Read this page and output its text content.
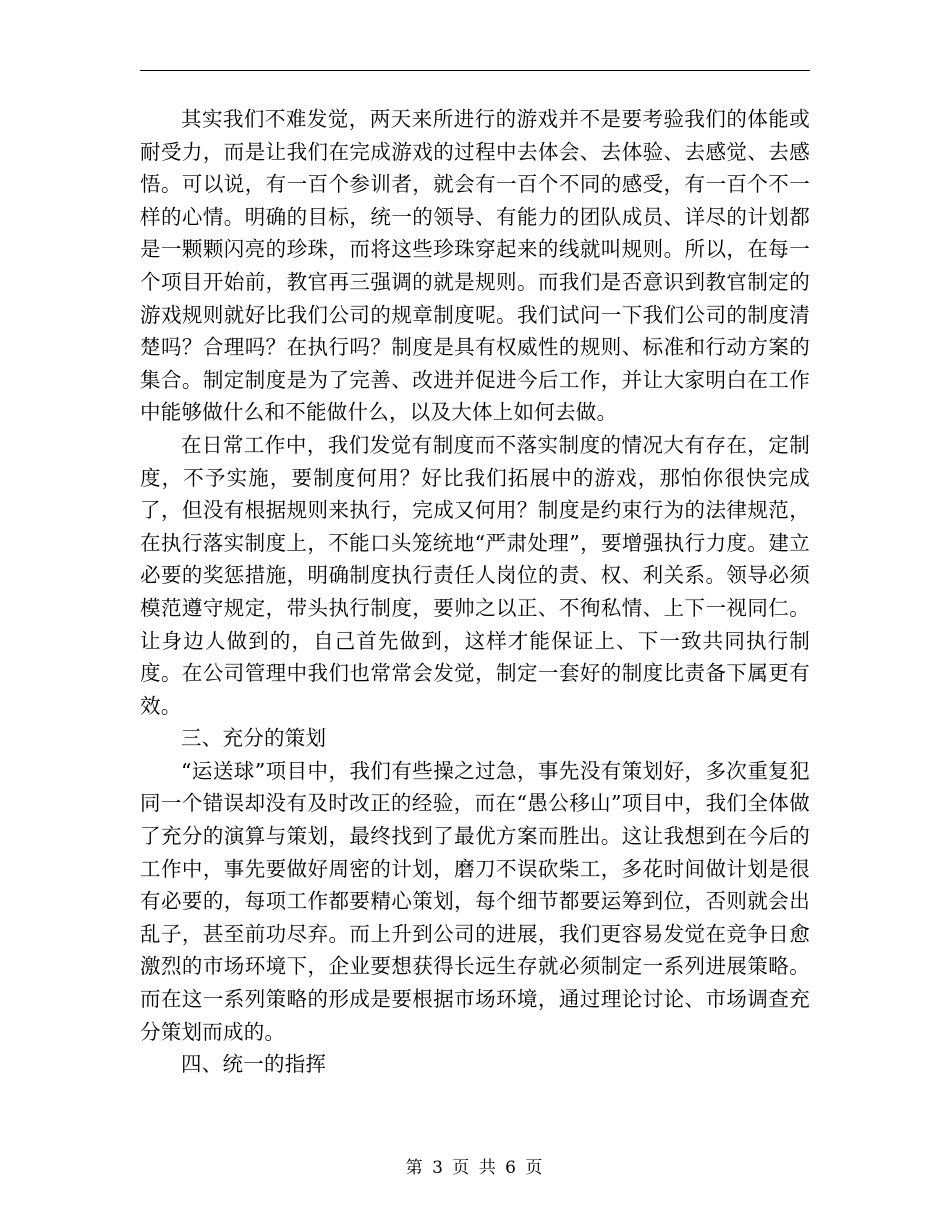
其实我们不难发觉，两天来所进行的游戏并不是要考验我们的体能或耐受力，而是让我们在完成游戏的过程中去体会、去体验、去感觉、去感悟。可以说，有一百个参训者，就会有一百个不同的感受，有一百个不一样的心情。明确的目标，统一的领导、有能力的团队成员、详尽的计划都是一颗颗闪亮的珍珠，而将这些珍珠穿起来的线就叫规则。所以，在每一个项目开始前，教官再三强调的就是规则。而我们是否意识到教官制定的游戏规则就好比我们公司的规章制度呢。我们试问一下我们公司的制度清楚吗？合理吗？在执行吗？制度是具有权威性的规则、标准和行动方案的集合。制定制度是为了完善、改进并促进今后工作，并让大家明白在工作中能够做什么和不能做什么，以及大体上如何去做。

在日常工作中，我们发觉有制度而不落实制度的情况大有存在，定制度，不予实施，要制度何用？好比我们拓展中的游戏，那怕你很快完成了，但没有根据规则来执行，完成又何用？制度是约束行为的法律规范，在执行落实制度上，不能口头笼统地“严肃处理”，要增强执行力度。建立必要的奖惩措施，明确制度执行责任人岗位的责、权、利关系。领导必须模范遵守规定，带头执行制度，要帅之以正、不徇私情、上下一视同仁。让身边人做到的，自己首先做到，这样才能保证上、下一致共同执行制度。在公司管理中我们也常常会发觉，制定一套好的制度比责备下属更有效。

三、充分的策划

“运送球”项目中，我们有些操之过急，事先没有策划好，多次重复犯同一个错误却没有及时改正的经验，而在“愚公移山”项目中，我们全体做了充分的演算与策划，最终找到了最优方案而胜出。这让我想到在今后的工作中，事先要做好周密的计划，磨刀不误砍柴工，多花时间做计划是很有必要的，每项工作都要精心策划，每个细节都要运筹到位，否则就会出乱子，甚至前功尽弃。而上升到公司的进展，我们更容易发觉在竞争日愈激烈的市场环境下，企业要想获得长远生存就必须制定一系列进展策略。而在这一系列策略的形成是要根据市场环境，通过理论讨论、市场调查充分策划而成的。

四、统一的指挥

第 3 页 共 6 页
